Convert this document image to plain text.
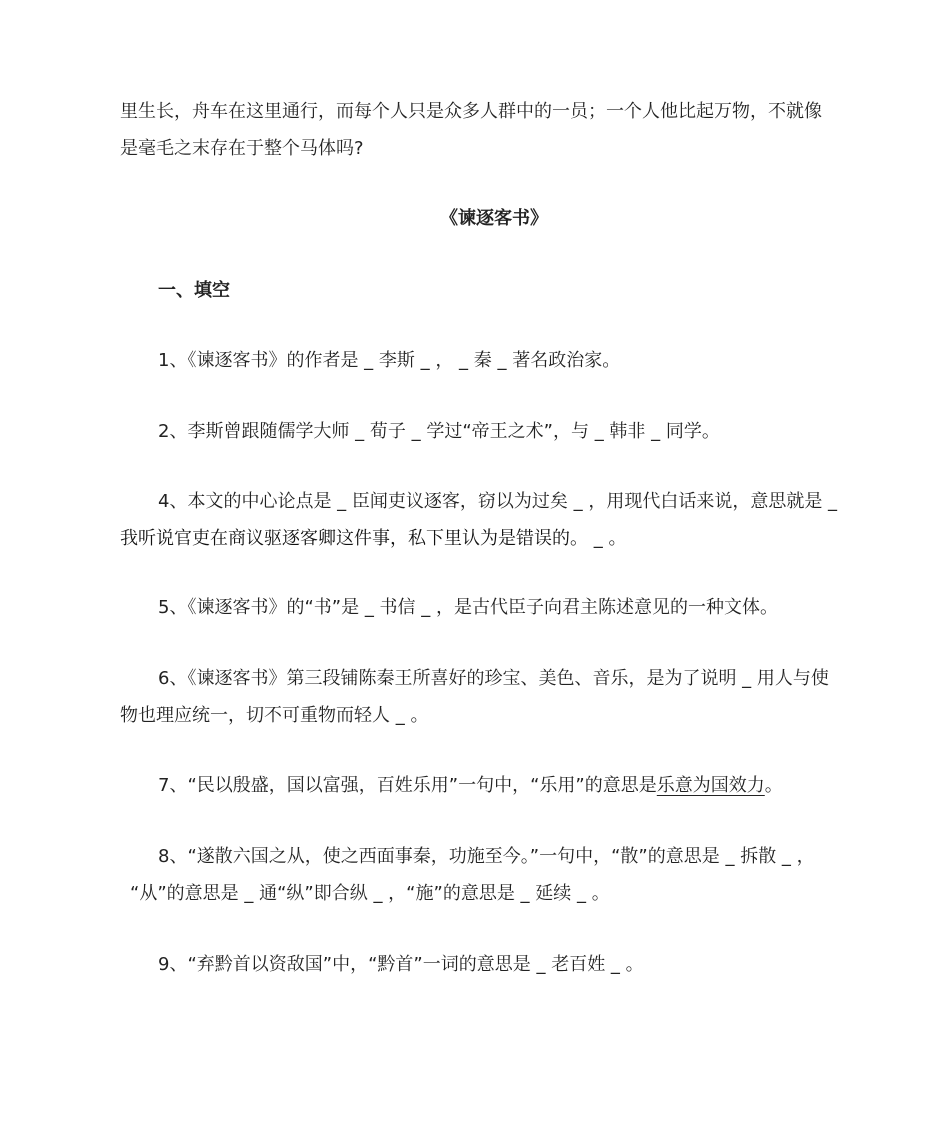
里生长，舟车在这里通行，而每个人只是众多人群中的一员；一个人他比起万物，不就像
是毫毛之末存在于整个马体吗?
《谏逐客书》
一、填空
1、《谏逐客书》的作者是 _ 李斯 _ ， _ 秦 _ 著名政治家。
2、李斯曾跟随儒学大师 _ 荀子 _ 学过“帝王之术”，与 _ 韩非 _ 同学。
4、本文的中心论点是 _ 臣闻吏议逐客，窃以为过矣 _ ，用现代白话来说，意思就是 _
我听说官吏在商议驱逐客卿这件事，私下里认为是错误的。 _ 。
5、《谏逐客书》的“书”是 _ 书信 _ ，是古代臣子向君主陈述意见的一种文体。
6、《谏逐客书》第三段铺陈秦王所喜好的珍宝、美色、音乐，是为了说明 _ 用人与使
物也理应统一，切不可重物而轻人 _ 。
7、“民以殷盛，国以富强，百姓乐用”一句中，“乐用”的意思是乐意为国效力。
8、“遂散六国之从，使之西面事秦，功施至今。”一句中，“散”的意思是 _ 拆散 _ ，
“从”的意思是 _ 通“纵”即合纵 _ ，“施”的意思是 _ 延续 _ 。
9、“弃黔首以资敌国”中，“黔首”一词的意思是 _ 老百姓 _ 。
